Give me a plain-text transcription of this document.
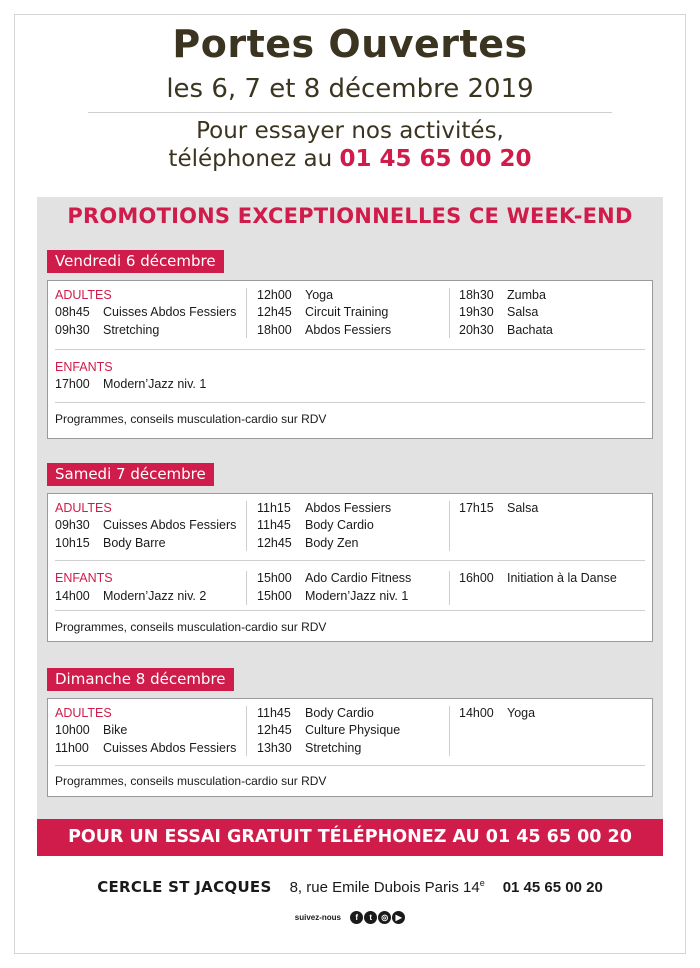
Portes Ouvertes
les 6, 7 et 8 décembre 2019
Pour essayer nos activités,
téléphonez au 01 45 65 00 20
PROMOTIONS EXCEPTIONNELLES CE WEEK-END
Vendredi 6 décembre
ADULTES
08h45 Cuisses Abdos Fessiers
09h30 Stretching
12h00 Yoga
12h45 Circuit Training
18h00 Abdos Fessiers
18h30 Zumba
19h30 Salsa
20h30 Bachata
ENFANTS
17h00 Modern’Jazz niv. 1
Programmes, conseils musculation-cardio sur RDV
Samedi 7 décembre
ADULTES
09h30 Cuisses Abdos Fessiers
10h15 Body Barre
11h15 Abdos Fessiers
11h45 Body Cardio
12h45 Body Zen
17h15 Salsa
ENFANTS
14h00 Modern’Jazz niv. 2
15h00 Ado Cardio Fitness
15h00 Modern’Jazz niv. 1
16h00 Initiation à la Danse
Programmes, conseils musculation-cardio sur RDV
Dimanche 8 décembre
ADULTES
10h00 Bike
11h00 Cuisses Abdos Fessiers
11h45 Body Cardio
12h45 Culture Physique
13h30 Stretching
14h00 Yoga
Programmes, conseils musculation-cardio sur RDV
POUR UN ESSAI GRATUIT TÉLÉPHONEZ AU 01 45 65 00 20
CERCLE ST JACQUES 8, rue Emile Dubois Paris 14e 01 45 65 00 20
suivez-nous f t ◎ ▶
